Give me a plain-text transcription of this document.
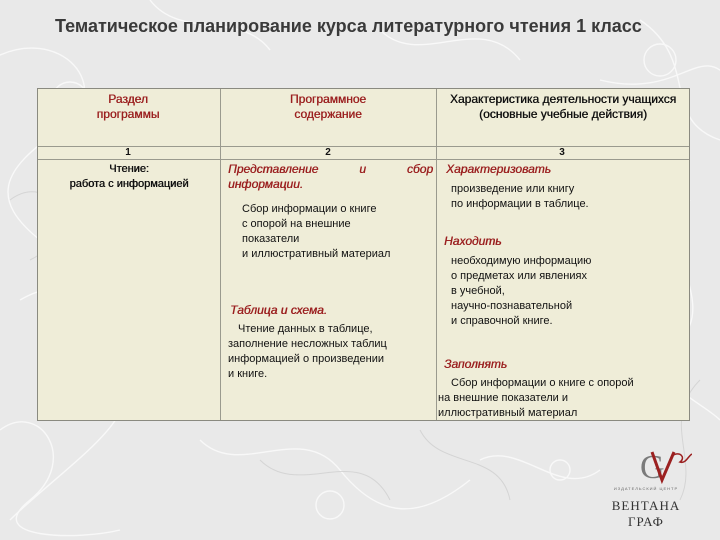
Тематическое планирование курса литературного чтения 1 класс

Раздел программы

Программное содержание

Характеристика деятельности учащихся (основные учебные действия)

1	2	3
Чтение:
работа с информацией
Представление и сбор информации.
Сбор информации о книге
с опорой на внешние
показатели
и иллюстративный материал
Таблица и схема.
Чтение данных в таблице,
заполнение несложных таблиц
информацией о произведении
и книге.
Характеризовать
произведение или книгу
по информации в таблице.
Находить
необходимую информацию
о предметах или явлениях
в учебной,
научно-познавательной
и справочной книге.
Заполнять
Сбор информации о книге с опорой
на внешние показатели и
иллюстративный материал
G
ИЗДАТЕЛЬСКИЙ ЦЕНТР
ВЕНТАНА
ГРАФ
